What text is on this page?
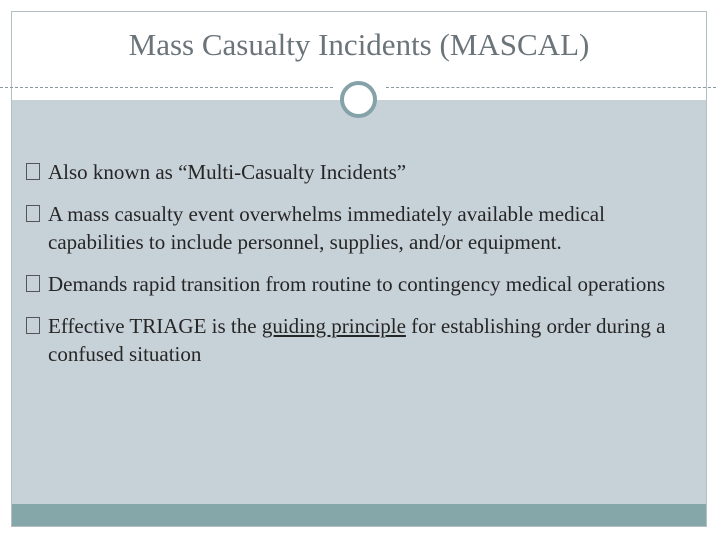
Mass Casualty Incidents (MASCAL)
Also known as “Multi-Casualty Incidents”
A mass casualty event overwhelms immediately available medical capabilities to include personnel, supplies, and/or equipment.
Demands rapid transition from routine to contingency medical operations
Effective TRIAGE is the guiding principle for establishing order during a confused situation
